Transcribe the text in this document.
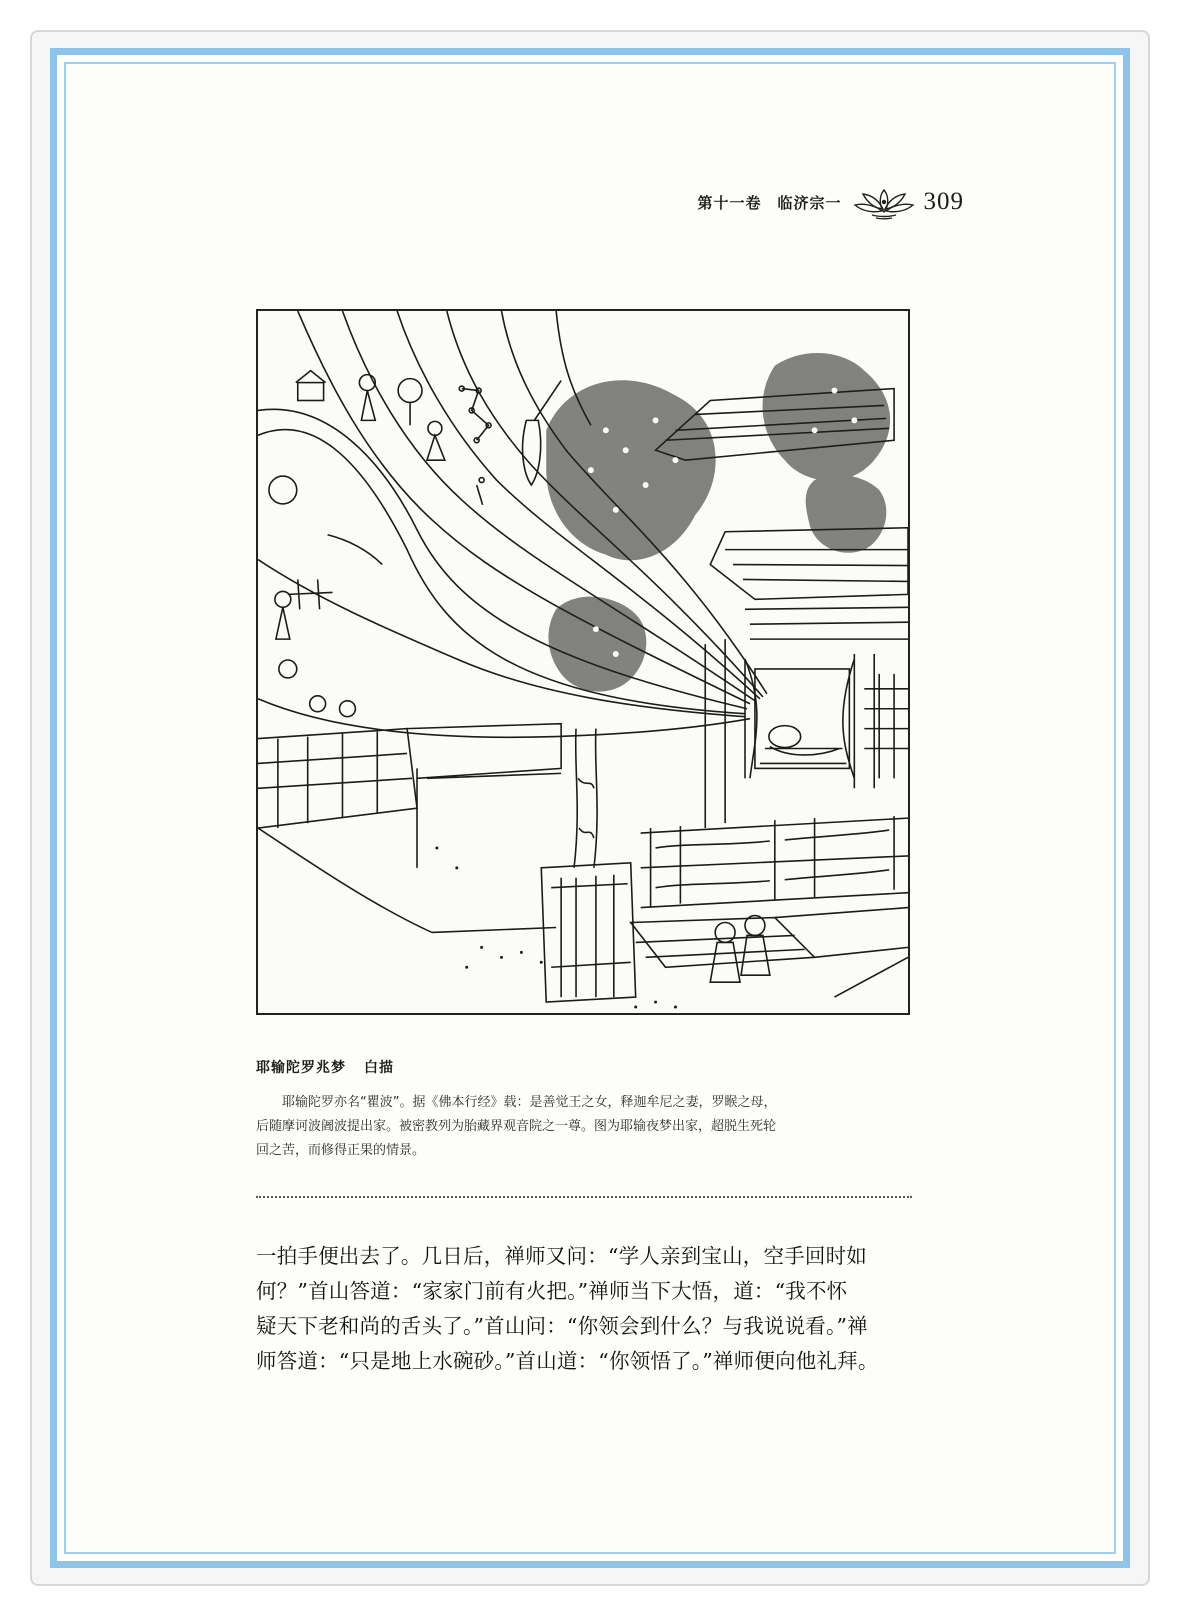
第十一卷　临济宗一	309
耶输陀罗兆梦 白描

耶输陀罗亦名“瞿波”。据《佛本行经》载：是善觉王之女，释迦牟尼之妻，罗睺之母，

后随摩诃波阇波提出家。被密教列为胎藏界观音院之一尊。图为耶输夜梦出家，超脱生死轮

回之苦，而修得正果的情景。

一拍手便出去了。几日后，禅师又问：“学人亲到宝山，空手回时如

何？”首山答道：“家家门前有火把。”禅师当下大悟，道：“我不怀

疑天下老和尚的舌头了。”首山问：“你领会到什么？与我说说看。”禅

师答道：“只是地上水碗砂。”首山道：“你领悟了。”禅师便向他礼拜。
